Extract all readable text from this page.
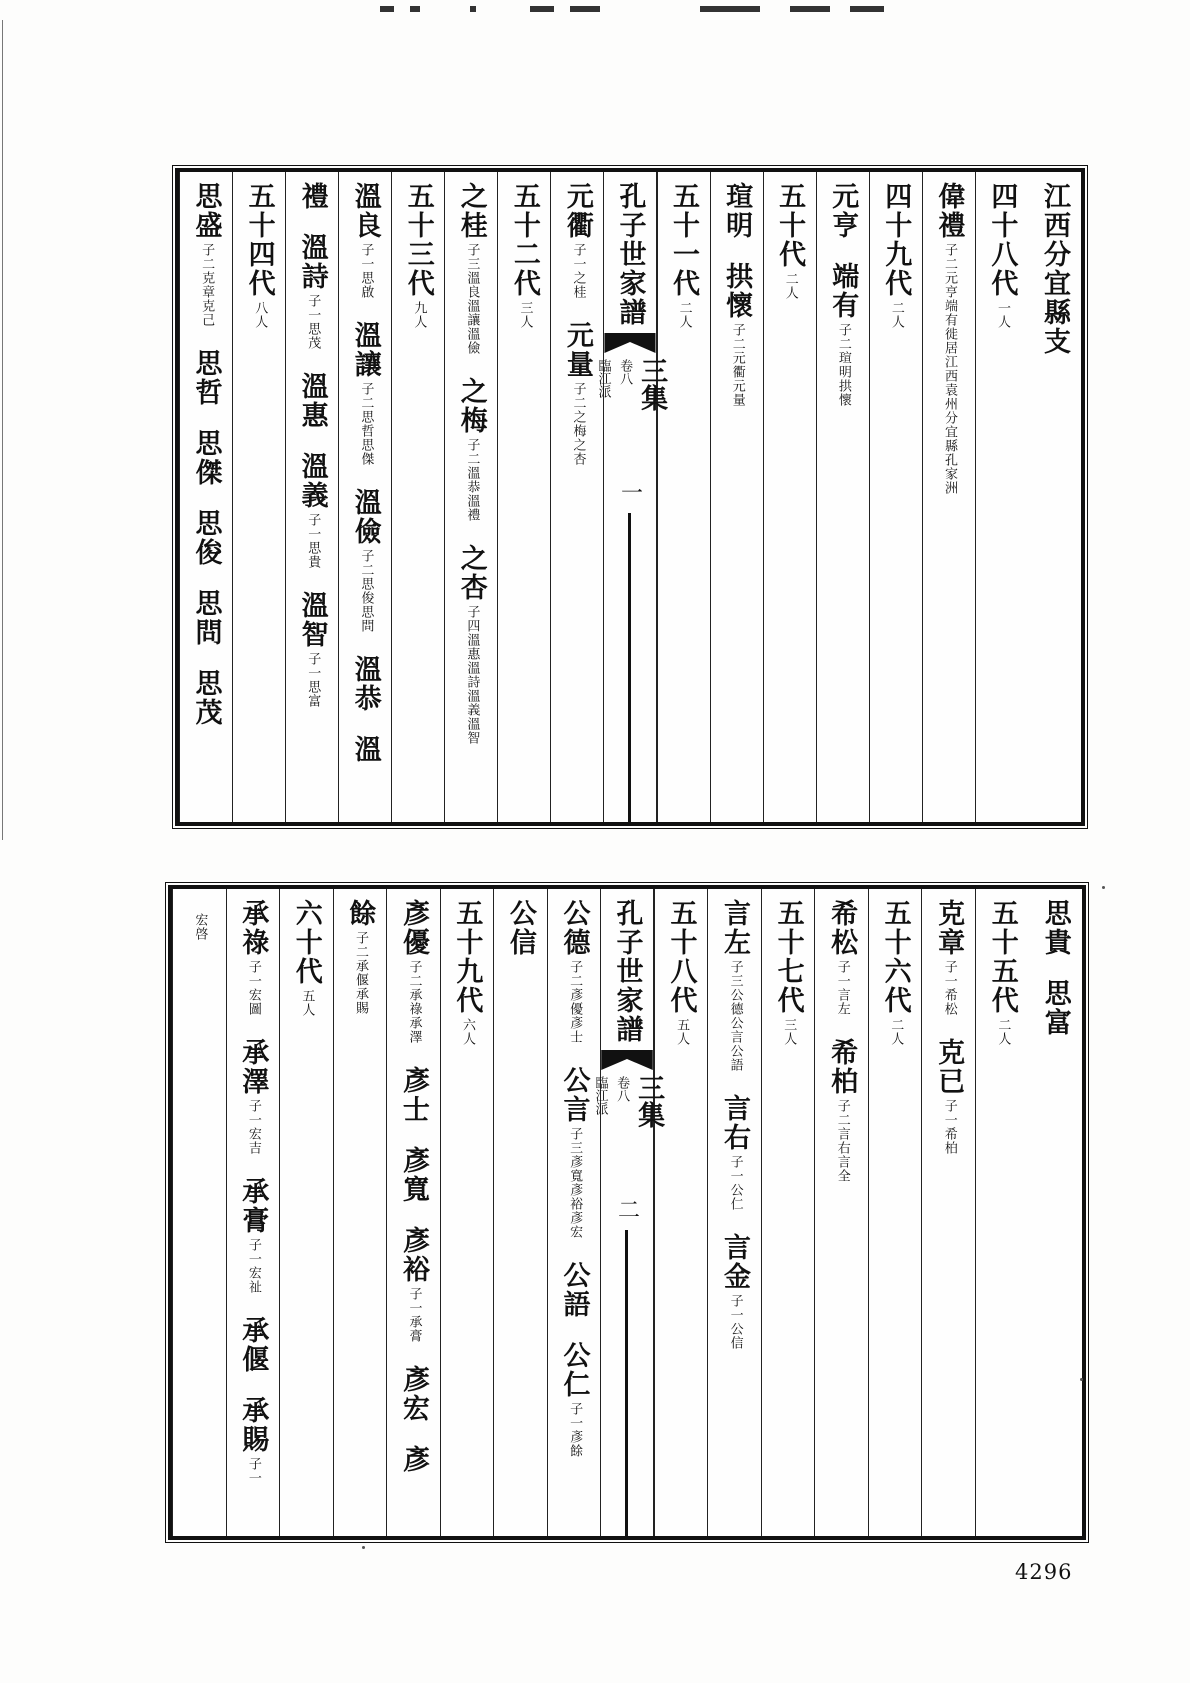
江西分宜縣支
四十八代
一人
偉禮
子二元亨端有徙居江西袁州分宜縣孔家洲
四十九代
二人
元亨
端有
子二瑄明拱懷
五十代
二人
瑄明
拱懷
子二元衢元量
五十一代
二人
孔子世家譜
三集
卷八
臨江派
一
元衢
子一之桂
元量
子二之梅之杏
五十二代
三人
之桂
子三溫良溫讓溫儉
之梅
子二溫恭溫禮
之杏
子四溫惠溫詩溫義溫智
五十三代
九人
溫良
子一思啟
溫讓
子二思哲思傑
溫儉
子二思俊思問
溫恭
溫
禮
溫詩
子一思茂
溫惠
溫義
子一思貴
溫智
子一思富
五十四代
八人
思盛
子二克章克己
思哲
思傑
思俊
思問
思茂
思貴
思富
五十五代
二人
克章
子一希松
克已
子一希柏
五十六代
二人
希松
子一言左
希柏
子二言右言全
五十七代
三人
言左
子三公德公言公語
言右
子一公仁
言金
子一公信
五十八代
五人
孔子世家譜
三集
卷八
臨江派
二
公德
子二彥優彥士
公言
子三彥寬彥裕彥宏
公語
公仁
子一彥餘
公信
五十九代
六人
彥優
子二承祿承澤
彥士
彥寬
彥裕
子一承膏
彥宏
彥
餘
子二承偃承賜
六十代
五人
承祿
子一宏圖
承澤
子一宏吉
承膏
子一宏祉
承偃
承賜
子一
宏啓
4296
